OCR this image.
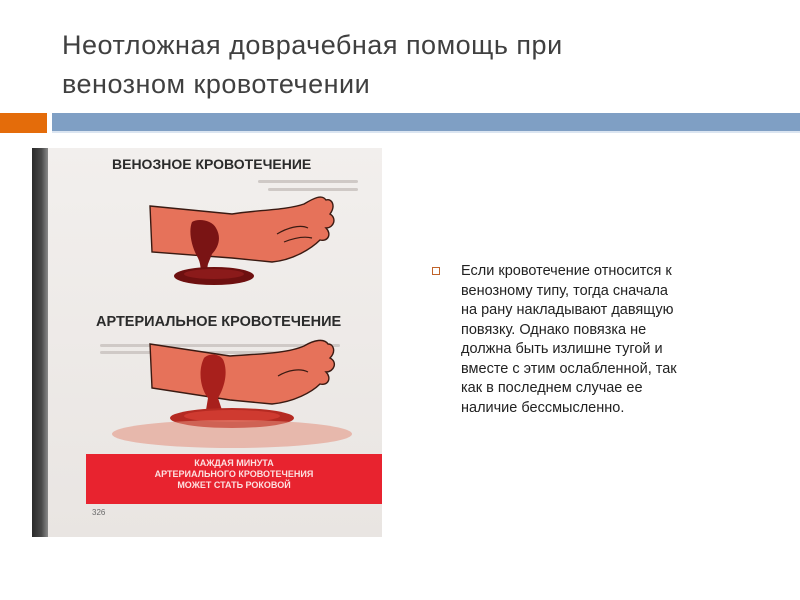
Неотложная доврачебная помощь при
венозном кровотечении
ВЕНОЗНОЕ КРОВОТЕЧЕНИЕ
АРТЕРИАЛЬНОЕ КРОВОТЕЧЕНИЕ
КАЖДАЯ МИНУТА
АРТЕРИАЛЬНОГО КРОВОТЕЧЕНИЯ
МОЖЕТ СТАТЬ РОКОВОЙ
326
Если кровотечение относится к
венозному типу, тогда сначала
на рану накладывают давящую
повязку. Однако повязка не
должна быть излишне тугой и
вместе с этим ослабленной, так
как в последнем случае ее
наличие бессмысленно.
